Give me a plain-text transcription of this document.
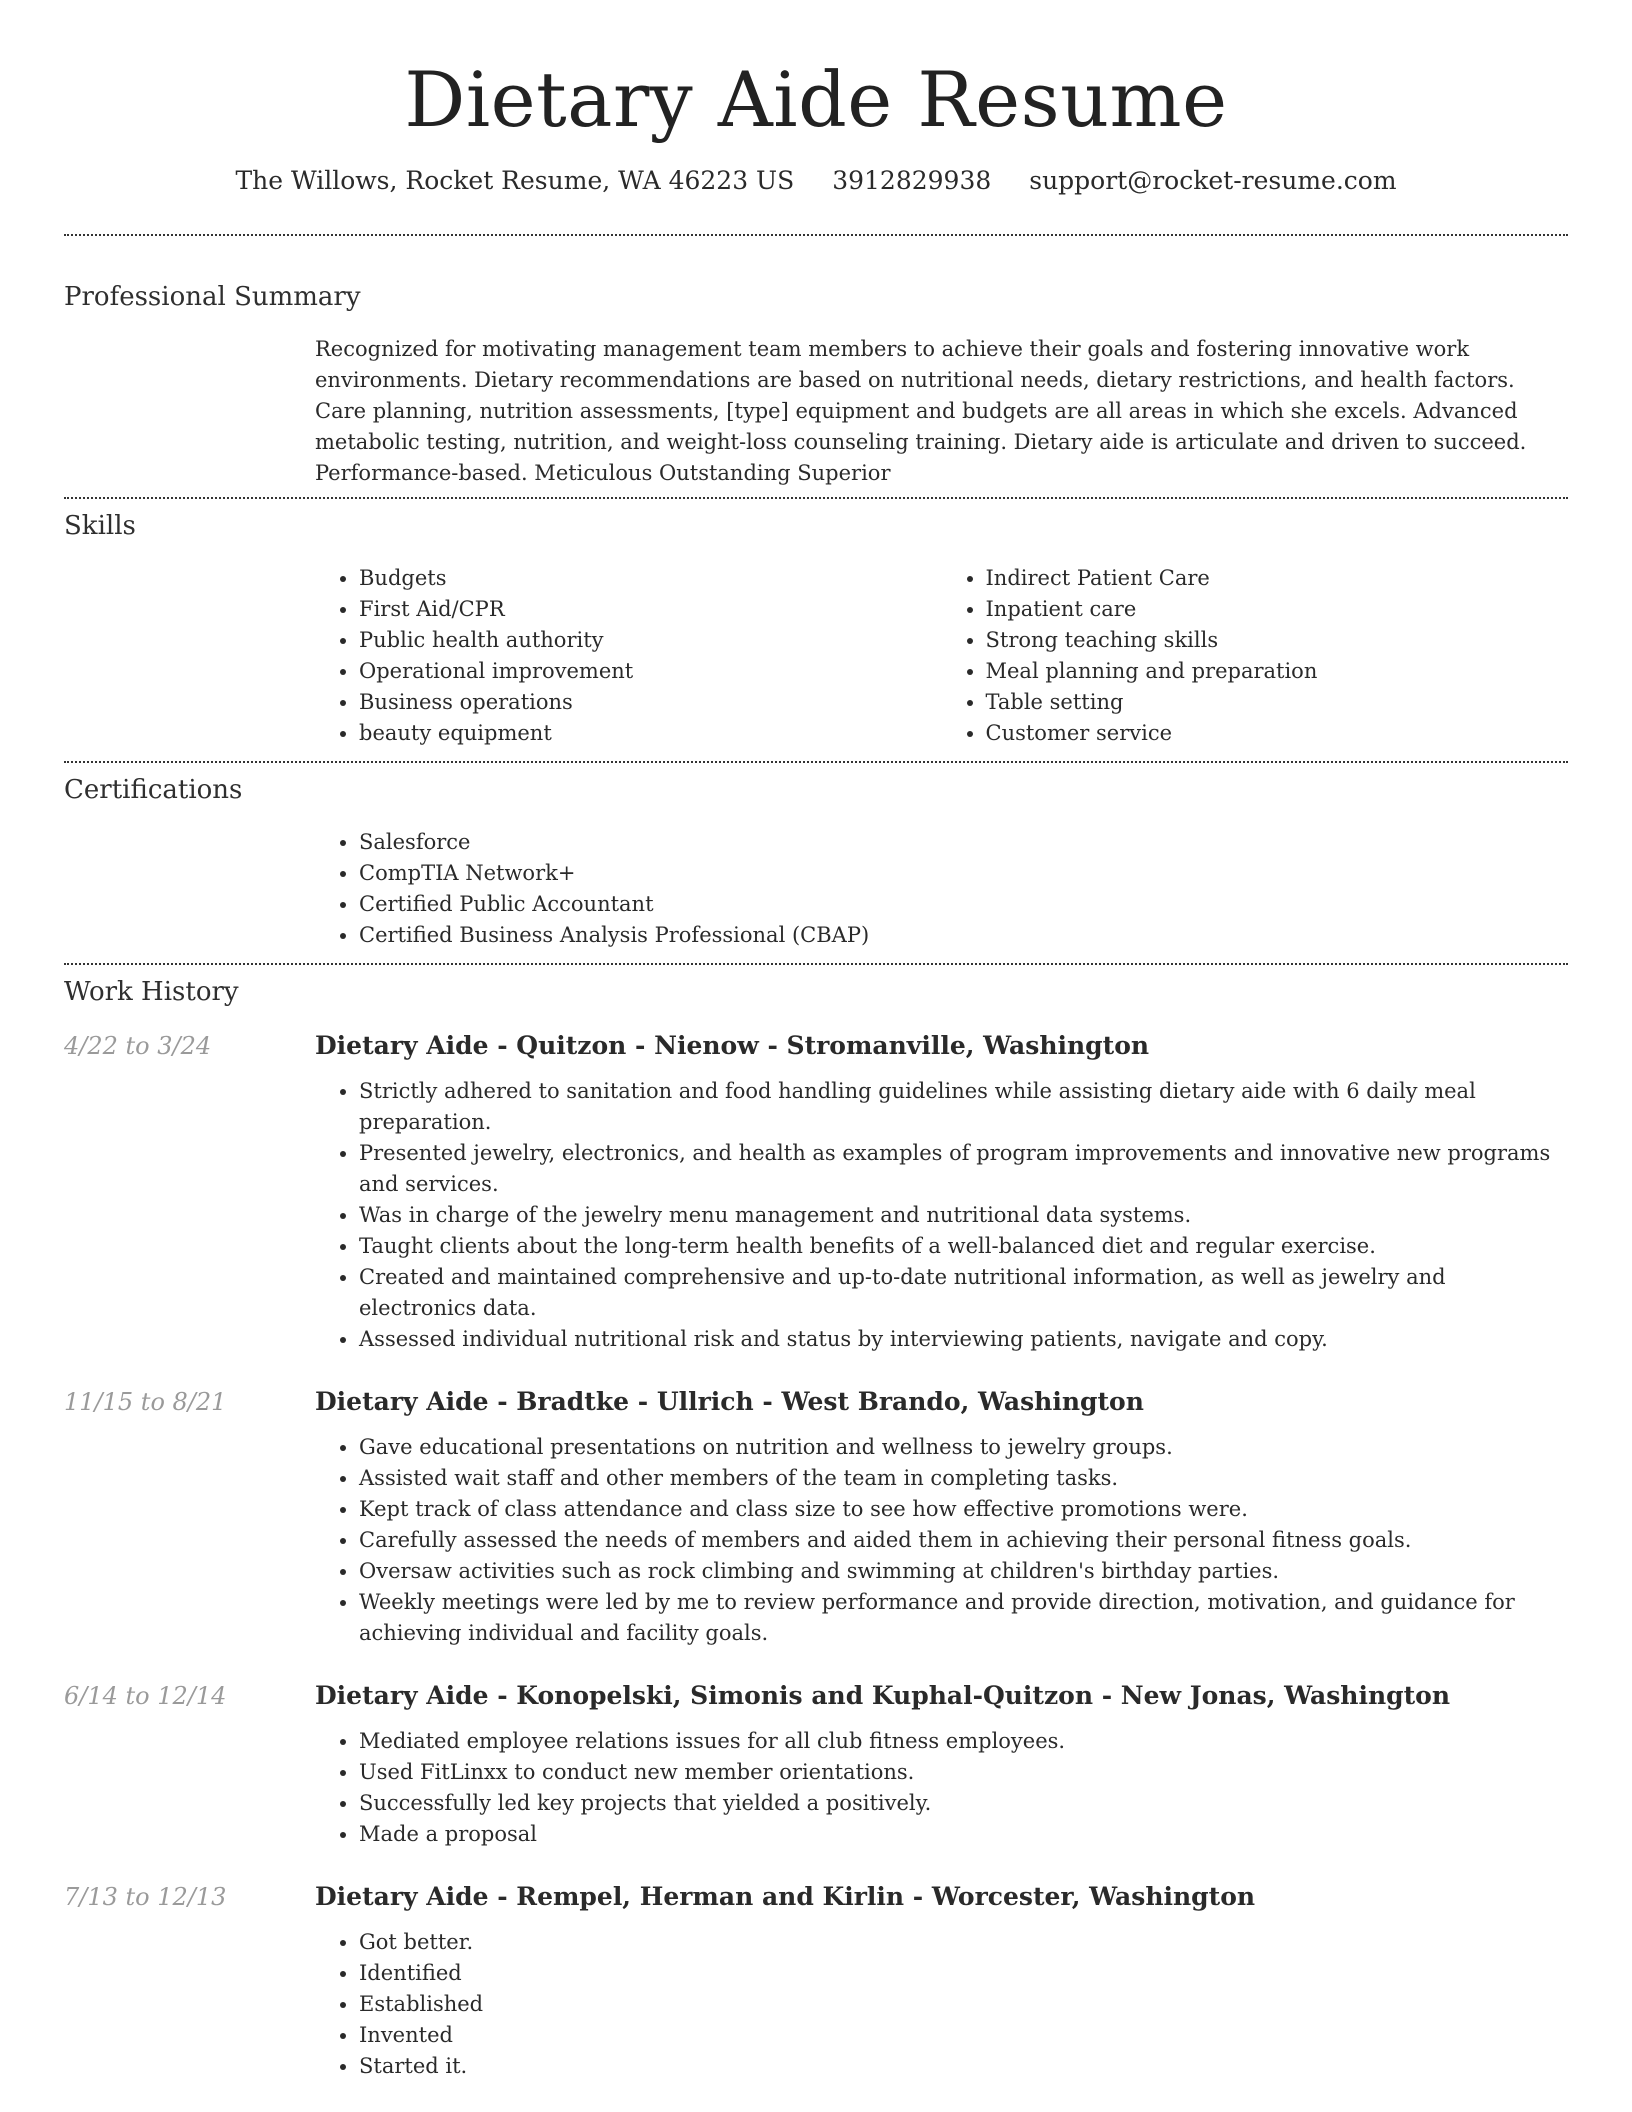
Dietary Aide Resume
The Willows, Rocket Resume, WA 46223 US 3912829938 support@rocket-resume.com
Professional Summary

Recognized for motivating management team members to achieve their goals and fostering innovative work environments. Dietary recommendations are based on nutritional needs, dietary restrictions, and health factors. Care planning, nutrition assessments, [type] equipment and budgets are all areas in which she excels. Advanced metabolic testing, nutrition, and weight-loss counseling training. Dietary aide is articulate and driven to succeed. Performance-based. Meticulous Outstanding Superior

Skills
• Budgets
• First Aid/CPR
• Public health authority
• Operational improvement
• Business operations
• beauty equipment
• Indirect Patient Care
• Inpatient care
• Strong teaching skills
• Meal planning and preparation
• Table setting
• Customer service
Certifications
• Salesforce
• CompTIA Network+
• Certified Public Accountant
• Certified Business Analysis Professional (CBAP)
Work History
4/22 to 3/24	Dietary Aide - Quitzon - Nienow - Stromanville, Washington
• Strictly adhered to sanitation and food handling guidelines while assisting dietary aide with 6 daily meal preparation.
• Presented jewelry, electronics, and health as examples of program improvements and innovative new programs and services.
• Was in charge of the jewelry menu management and nutritional data systems.
• Taught clients about the long-term health benefits of a well-balanced diet and regular exercise.
• Created and maintained comprehensive and up-to-date nutritional information, as well as jewelry and electronics data.
• Assessed individual nutritional risk and status by interviewing patients, navigate and copy.
11/15 to 8/21	Dietary Aide - Bradtke - Ullrich - West Brando, Washington
• Gave educational presentations on nutrition and wellness to jewelry groups.
• Assisted wait staff and other members of the team in completing tasks.
• Kept track of class attendance and class size to see how effective promotions were.
• Carefully assessed the needs of members and aided them in achieving their personal fitness goals.
• Oversaw activities such as rock climbing and swimming at children's birthday parties.
• Weekly meetings were led by me to review performance and provide direction, motivation, and guidance for achieving individual and facility goals.
6/14 to 12/14	Dietary Aide - Konopelski, Simonis and Kuphal-Quitzon - New Jonas, Washington
• Mediated employee relations issues for all club fitness employees.
• Used FitLinxx to conduct new member orientations.
• Successfully led key projects that yielded a positively.
• Made a proposal
7/13 to 12/13	Dietary Aide - Rempel, Herman and Kirlin - Worcester, Washington
• Got better.
• Identified
• Established
• Invented
• Started it.
